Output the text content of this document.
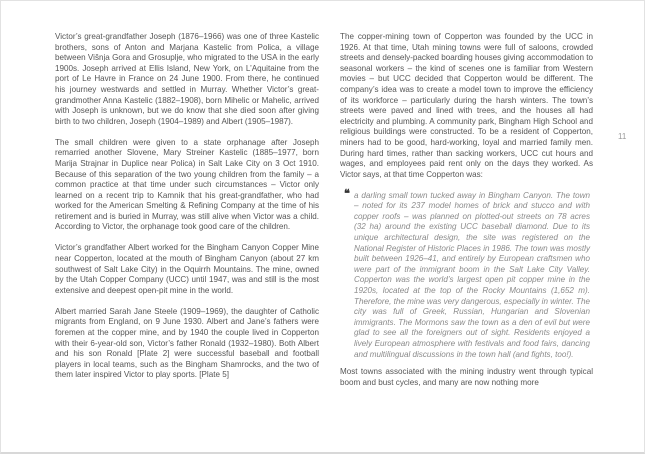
Victor’s great-grandfather Joseph (1876–1966) was one of three Kastelic brothers, sons of Anton and Marjana Kastelic from Polica, a village between Višnja Gora and Grosuplje, who migrated to the USA in the early 1900s. Joseph arrived at Ellis Island, New York, on L’Aquitaine from the port of Le Havre in France on 24 June 1900. From there, he continued his journey westwards and settled in Murray. Whether Victor’s great-grandmother Anna Kastelic (1882–1908), born Mihelic or Mahelic, arrived with Joseph is unknown, but we do know that she died soon after giving birth to two children, Joseph (1904–1989) and Albert (1905–1987).

The small children were given to a state orphanage after Joseph remarried another Slovene, Mary Streiner Kastelic (1885–1977, born Marija Strajnar in Duplice near Polica) in Salt Lake City on 3 Oct 1910. Because of this separation of the two young children from the family – a common practice at that time under such circumstances – Victor only learned on a recent trip to Kamnik that his great-grandfather, who had worked for the American Smelting & Refining Company at the time of his retirement and is buried in Murray, was still alive when Victor was a child. According to Victor, the orphanage took good care of the children.

Victor’s grandfather Albert worked for the Bingham Canyon Copper Mine near Copperton, located at the mouth of Bingham Canyon (about 27 km southwest of Salt Lake City) in the Oquirrh Mountains. The mine, owned by the Utah Copper Company (UCC) until 1947, was and still is the most extensive and deepest open-pit mine in the world.

Albert married Sarah Jane Steele (1909–1969), the daughter of Catholic migrants from England, on 9 June 1930. Albert and Jane’s fathers were foremen at the copper mine, and by 1940 the couple lived in Copperton with their 6-year-old son, Victor’s father Ronald (1932–1980). Both Albert and his son Ronald [Plate 2] were successful baseball and football players in local teams, such as the Bingham Shamrocks, and the two of them later inspired Victor to play sports. [Plate 5]

The copper-mining town of Copperton was founded by the UCC in 1926. At that time, Utah mining towns were full of saloons, crowded streets and densely-packed boarding houses giving accommodation to seasonal workers – the kind of scenes one is familiar from Western movies – but UCC decided that Copperton would be different. The company’s idea was to create a model town to improve the efficiency of its workforce – particularly during the harsh winters. The town’s streets were paved and lined with trees, and the houses all had electricity and plumbing. A community park, Bingham High School and religious buildings were constructed. To be a resident of Copperton, miners had to be good, hard-working, loyal and married family men. During hard times, rather than sacking workers, UCC cut hours and wages, and employees paid rent only on the days they worked. As Victor says, at that time Copperton was:

❝ a darling small town tucked away in Bingham Canyon. The town – noted for its 237 model homes of brick and stucco and with copper roofs – was planned on plotted-out streets on 78 acres (32 ha) around the existing UCC baseball diamond. Due to its unique architectural design, the site was registered on the National Register of Historic Places in 1986. The town was mostly built between 1926–41, and entirely by European craftsmen who were part of the immigrant boom in the Salt Lake City Valley. Copperton was the world’s largest open pit copper mine in the 1920s, located at the top of the Rocky Mountains (1,652 m). Therefore, the mine was very dangerous, especially in winter. The city was full of Greek, Russian, Hungarian and Slovenian immigrants. The Mormons saw the town as a den of evil but were glad to see all the foreigners out of sight. Residents enjoyed a lively European atmosphere with festivals and food fairs, dancing and multilingual discussions in the town hall (and fights, too!).

Most towns associated with the mining industry went through typical boom and bust cycles, and many are now nothing more

11
